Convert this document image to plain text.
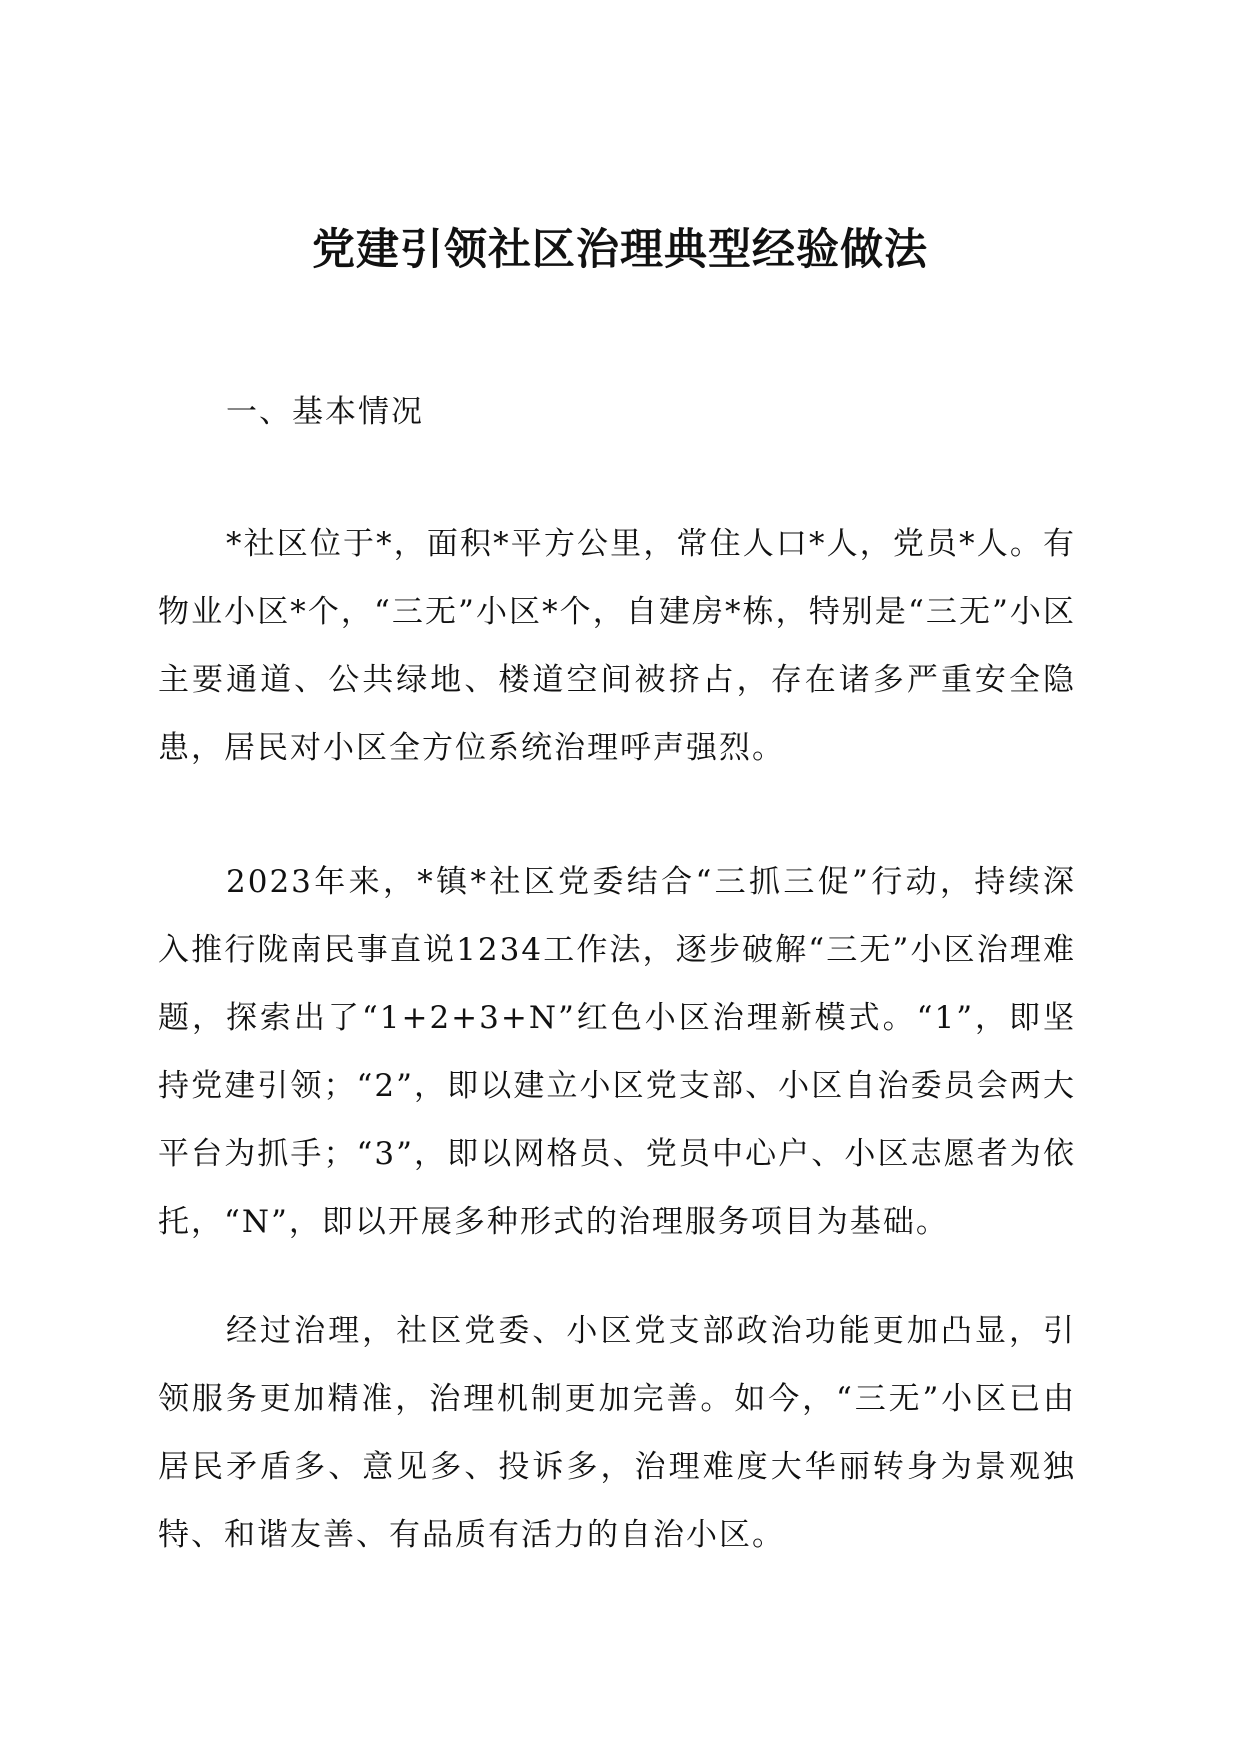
党建引领社区治理典型经验做法
一、基本情况

*社区位于*，面积*平方公里，常住人口*人，党员*人。有物业小区*个，“三无”小区*个，自建房*栋，特别是“三无”小区主要通道、公共绿地、楼道空间被挤占，存在诸多严重安全隐患，居民对小区全方位系统治理呼声强烈。

2023年来，*镇*社区党委结合“三抓三促”行动，持续深入推行陇南民事直说1234工作法，逐步破解“三无”小区治理难题，探索出了“1+2+3+N”红色小区治理新模式。“1”，即坚持党建引领；“2”，即以建立小区党支部、小区自治委员会两大平台为抓手；“3”，即以网格员、党员中心户、小区志愿者为依托，“N”，即以开展多种形式的治理服务项目为基础。

经过治理，社区党委、小区党支部政治功能更加凸显，引领服务更加精准，治理机制更加完善。如今，“三无”小区已由居民矛盾多、意见多、投诉多，治理难度大华丽转身为景观独特、和谐友善、有品质有活力的自治小区。
